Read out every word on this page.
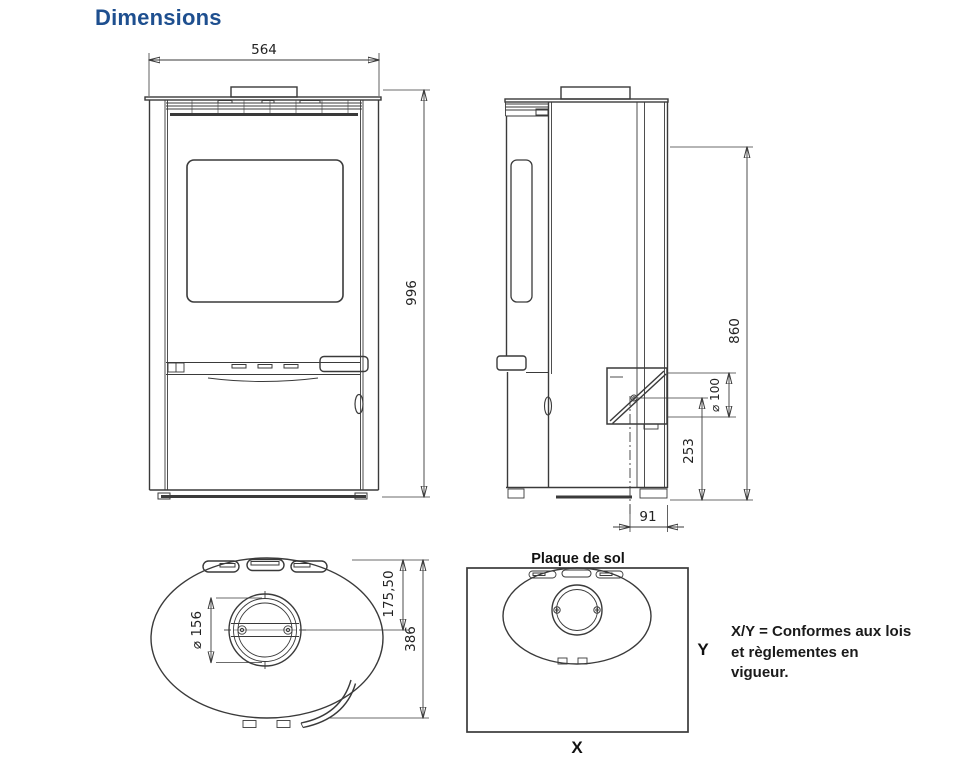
Dimensions
564
996
860
⌀ 100
253
91
⌀ 156
175,50
386
Plaque de sol
Y
X
X/Y = Conformes aux lois et règlementes en vigueur.
